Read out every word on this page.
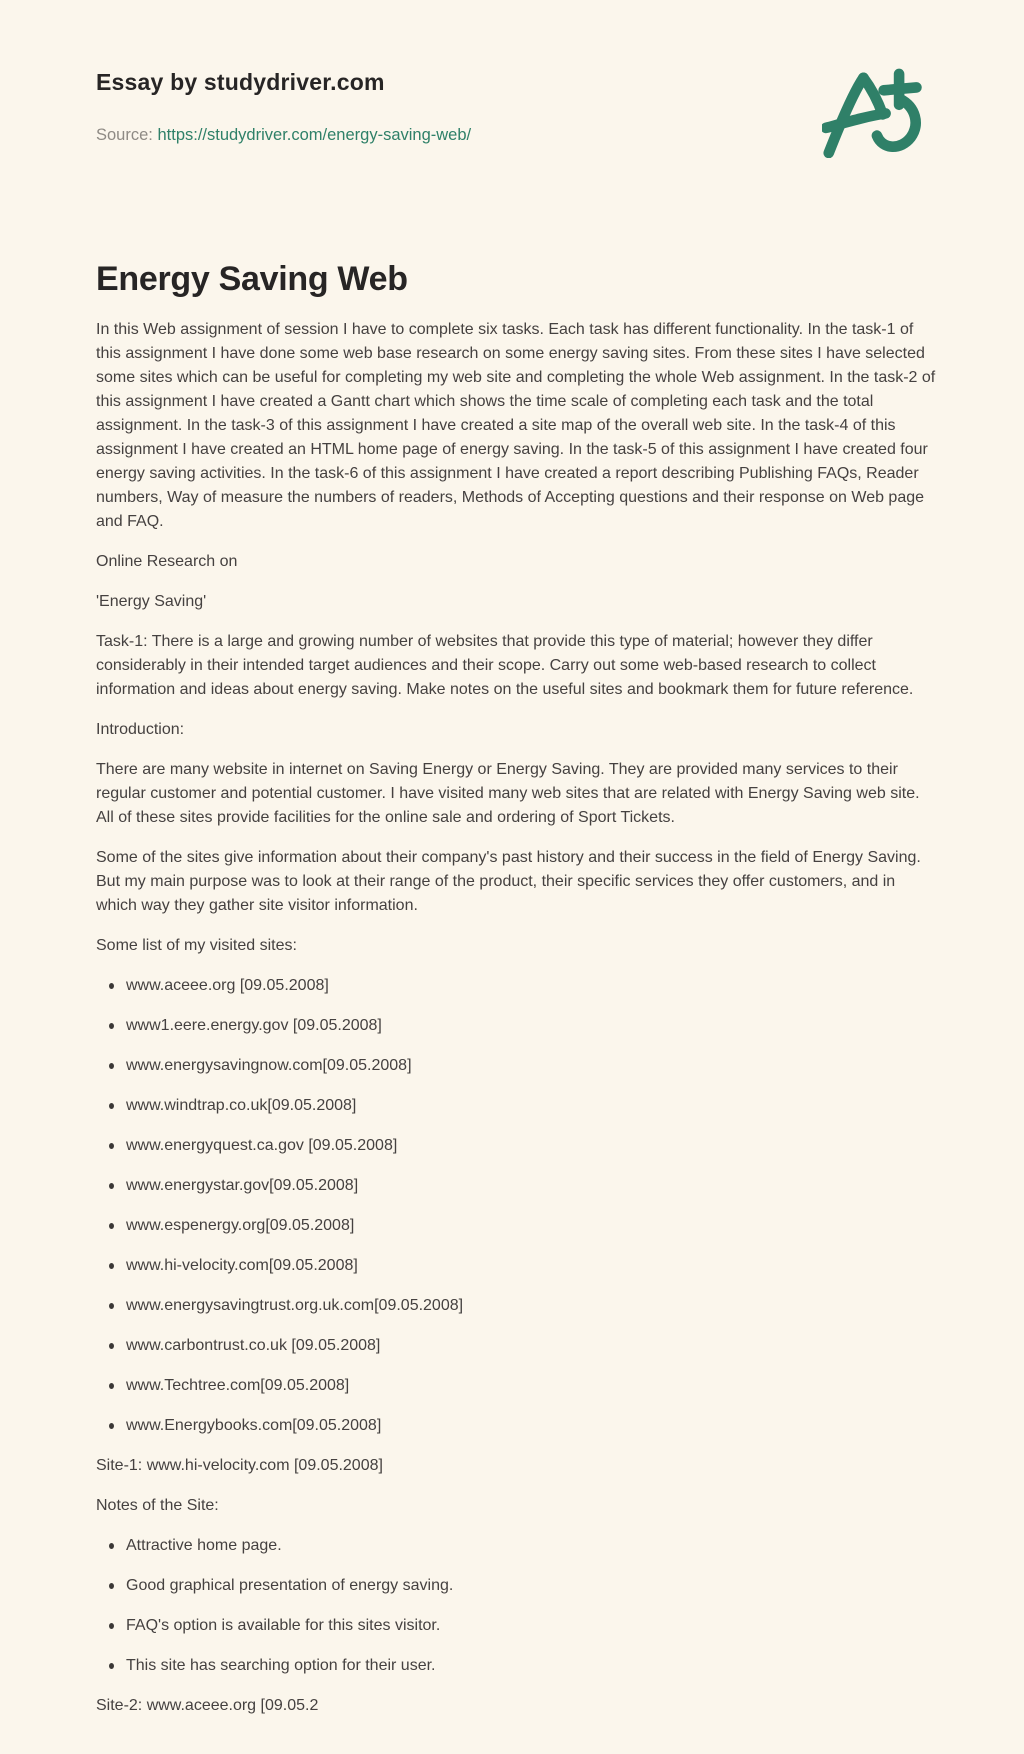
Essay by studydriver.com

Source: https://studydriver.com/energy-saving-web/

Energy Saving Web

In this Web assignment of session I have to complete six tasks. Each task has different functionality. In the task-1 of this assignment I have done some web base research on some energy saving sites. From these sites I have selected some sites which can be useful for completing my web site and completing the whole Web assignment. In the task-2 of this assignment I have created a Gantt chart which shows the time scale of completing each task and the total assignment. In the task-3 of this assignment I have created a site map of the overall web site. In the task-4 of this assignment I have created an HTML home page of energy saving. In the task-5 of this assignment I have created four energy saving activities. In the task-6 of this assignment I have created a report describing Publishing FAQs, Reader numbers, Way of measure the numbers of readers, Methods of Accepting questions and their response on Web page and FAQ.

Online Research on

'Energy Saving'

Task-1: There is a large and growing number of websites that provide this type of material; however they differ considerably in their intended target audiences and their scope. Carry out some web-based research to collect information and ideas about energy saving. Make notes on the useful sites and bookmark them for future reference.

Introduction:

There are many website in internet on Saving Energy or Energy Saving. They are provided many services to their regular customer and potential customer. I have visited many web sites that are related with Energy Saving web site. All of these sites provide facilities for the online sale and ordering of Sport Tickets.

Some of the sites give information about their company's past history and their success in the field of Energy Saving. But my main purpose was to look at their range of the product, their specific services they offer customers, and in which way they gather site visitor information.

Some list of my visited sites:

www.aceee.org [09.05.2008]
www1.eere.energy.gov [09.05.2008]
www.energysavingnow.com[09.05.2008]
www.windtrap.co.uk[09.05.2008]
www.energyquest.ca.gov [09.05.2008]
www.energystar.gov[09.05.2008]
www.espenergy.org[09.05.2008]
www.hi-velocity.com[09.05.2008]
www.energysavingtrust.org.uk.com[09.05.2008]
www.carbontrust.co.uk [09.05.2008]
www.Techtree.com[09.05.2008]
www.Energybooks.com[09.05.2008]

Site-1: www.hi-velocity.com [09.05.2008]

Notes of the Site:

Attractive home page.
Good graphical presentation of energy saving.
FAQ's option is available for this sites visitor.
This site has searching option for their user.

Site-2: www.aceee.org [09.05.2
